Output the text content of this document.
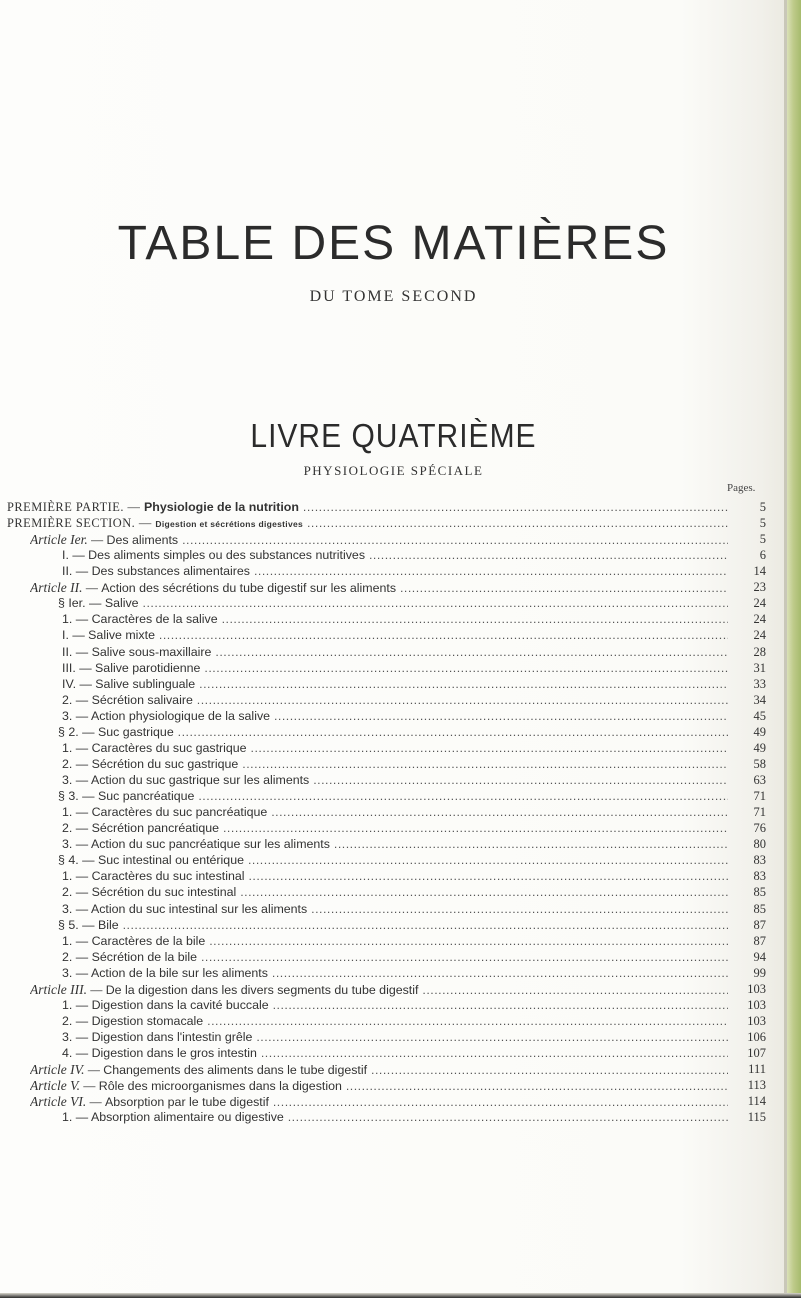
TABLE DES MATIÈRES
DU TOME SECOND
LIVRE QUATRIÈME
PHYSIOLOGIE SPÉCIALE
Pages.
PREMIÈRE PARTIE. — Physiologie de la nutrition .....	5
PREMIÈRE SECTION. — Digestion et sécrétions digestives .....	5
Article Ier. — Des aliments .....	5
I. — Des aliments simples ou des substances nutritives .....	6
II. — Des substances alimentaires .....	14
Article II. — Action des sécrétions du tube digestif sur les aliments .....	23
§ Ier. — Salive .....	24
1. — Caractères de la salive .....	24
I. — Salive mixte .....	24
II. — Salive sous-maxillaire .....	28
III. — Salive parotidienne .....	31
IV. — Salive sublinguale .....	33
2. — Sécrétion salivaire .....	34
3. — Action physiologique de la salive .....	45
§ 2. — Suc gastrique .....	49
1. — Caractères du suc gastrique .....	49
2. — Sécrétion du suc gastrique .....	58
3. — Action du suc gastrique sur les aliments .....	63
§ 3. — Suc pancréatique .....	71
1. — Caractères du suc pancréatique .....	71
2. — Sécrétion pancréatique .....	76
3. — Action du suc pancréatique sur les aliments .....	80
§ 4. — Suc intestinal ou entérique .....	83
1. — Caractères du suc intestinal .....	83
2. — Sécrétion du suc intestinal .....	85
3. — Action du suc intestinal sur les aliments .....	85
§ 5. — Bile .....	87
1. — Caractères de la bile .....	87
2. — Sécrétion de la bile .....	94
3. — Action de la bile sur les aliments .....	99
Article III. — De la digestion dans les divers segments du tube digestif .....	103
1. — Digestion dans la cavité buccale .....	103
2. — Digestion stomacale .....	103
3. — Digestion dans l'intestin grêle .....	106
4. — Digestion dans le gros intestin .....	107
Article IV. — Changements des aliments dans le tube digestif .....	111
Article V. — Rôle des microorganismes dans la digestion .....	113
Article VI. — Absorption par le tube digestif .....	114
1. — Absorption alimentaire ou digestive .....	115
